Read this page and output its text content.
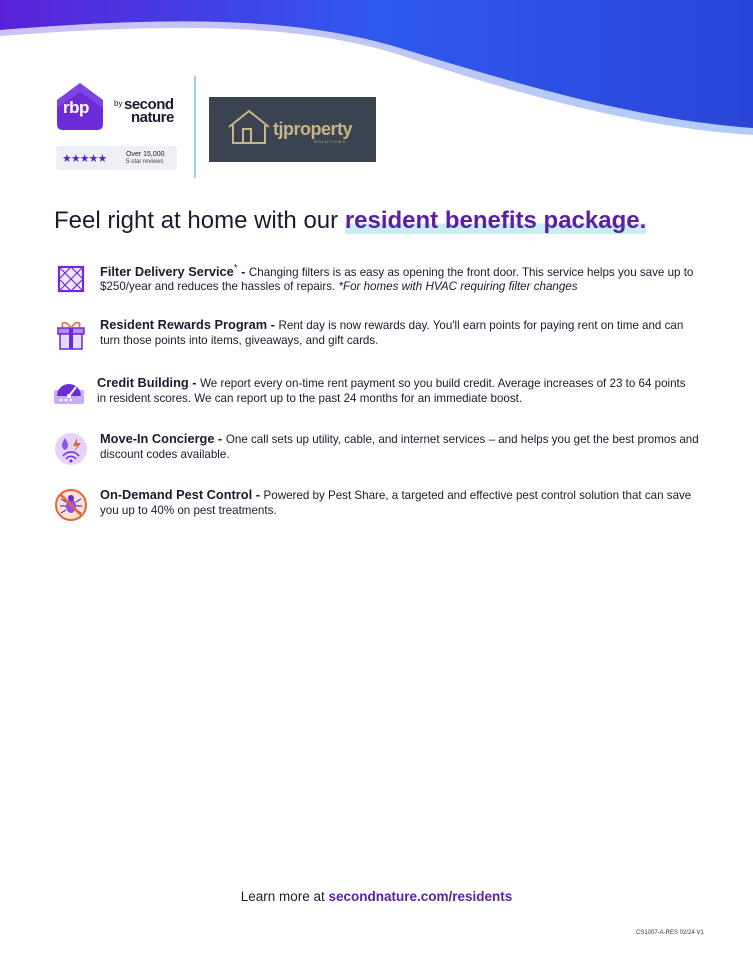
rbp	by second
nature
★★★★★	Over 15,000
5-star reviews
tjproperty
SOLUTIONS
Feel right at home with our resident benefits package.
Filter Delivery Service* - Changing filters is as easy as opening the front door. This service helps you save up to $250/year and reduces the hassles of repairs. *For homes with HVAC requiring filter changes
Resident Rewards Program - Rent day is now rewards day. You'll earn points for paying rent on time and can turn those points into items, giveaways, and gift cards.
Credit Building - We report every on-time rent payment so you build credit. Average increases of 23 to 64 points in resident scores. We can report up to the past 24 months for an immediate boost.
Move-In Concierge - One call sets up utility, cable, and internet services – and helps you get the best promos and discount codes available.
On-Demand Pest Control - Powered by Pest Share, a targeted and effective pest control solution that can save you up to 40% on pest treatments.
Learn more at secondnature.com/residents
CS1007-A-RES 02/24 V1
